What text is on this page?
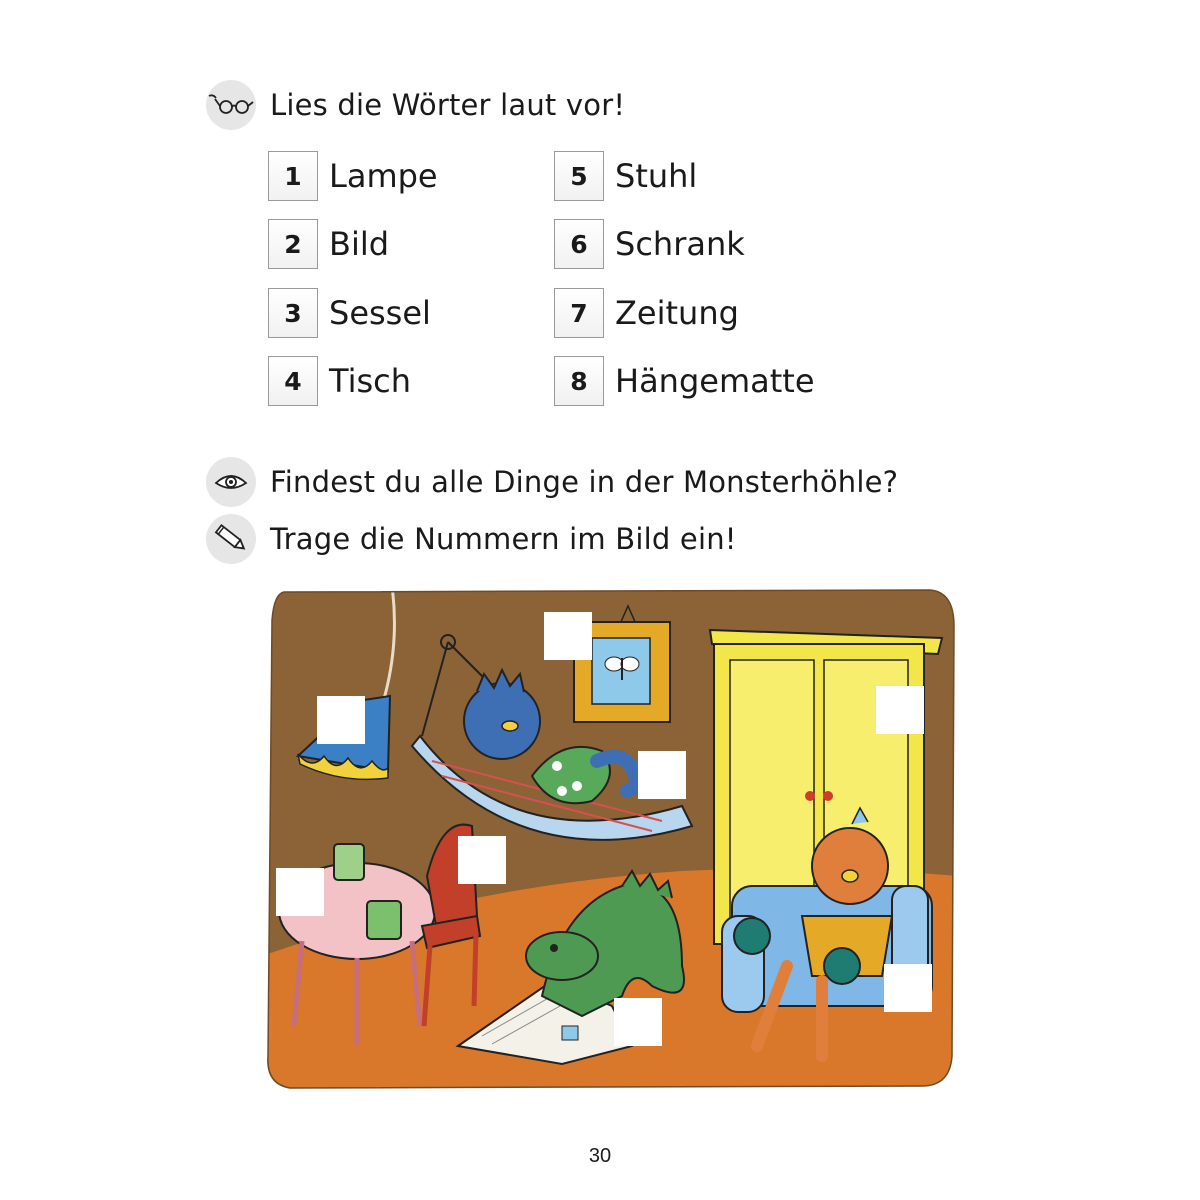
Lies die Wörter laut vor!
Findest du alle Dinge in der Monsterhöhle?
Trage die Nummern im Bild ein!
1 Lampe
2 Bild
3 Sessel
4 Tisch
5 Stuhl
6 Schrank
7 Zeitung
8 Hängematte
30
